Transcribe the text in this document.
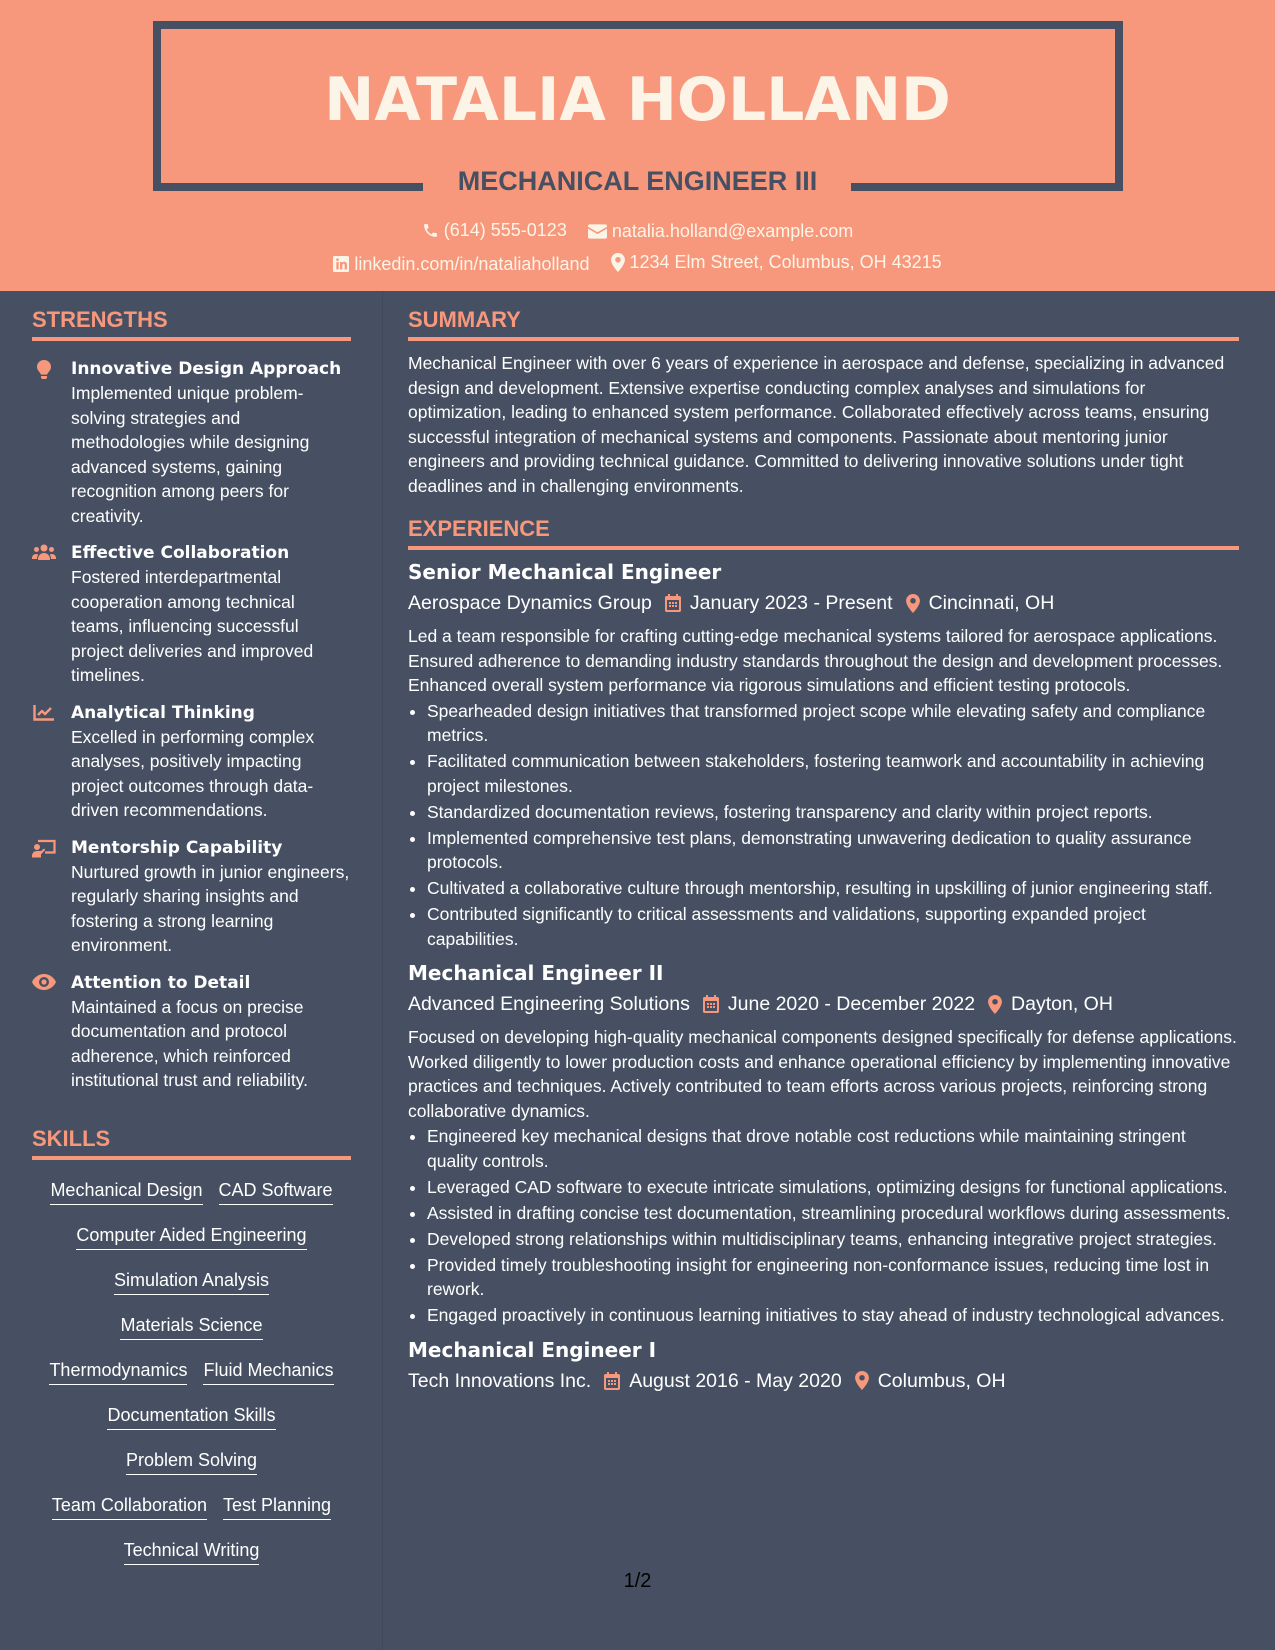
NATALIA HOLLAND
MECHANICAL ENGINEER III
(614) 555-0123
	natalia.holland@example.com
linkedin.com/in/nataliaholland
1234 Elm Street, Columbus, OH 43215
STRENGTHS
Innovative Design Approach
Implemented unique problem-solving strategies and methodologies while designing advanced systems, gaining recognition among peers for creativity.
Effective Collaboration
Fostered interdepartmental cooperation among technical teams, influencing successful project deliveries and improved timelines.
Analytical Thinking
Excelled in performing complex analyses, positively impacting project outcomes through data-driven recommendations.
Mentorship Capability
Nurtured growth in junior engineers, regularly sharing insights and fostering a strong learning environment.
Attention to Detail
Maintained a focus on precise documentation and protocol adherence, which reinforced institutional trust and reliability.
SKILLS
Mechanical Design CAD Software
Computer Aided Engineering
Simulation Analysis
Materials Science
Thermodynamics Fluid Mechanics
Documentation Skills
Problem Solving
Team Collaboration Test Planning
Technical Writing
SUMMARY
Mechanical Engineer with over 6 years of experience in aerospace and defense, specializing in advanced design and development. Extensive expertise conducting complex analyses and simulations for optimization, leading to enhanced system performance. Collaborated effectively across teams, ensuring successful integration of mechanical systems and components. Passionate about mentoring junior engineers and providing technical guidance. Committed to delivering innovative solutions under tight deadlines and in challenging environments.
EXPERIENCE
Senior Mechanical Engineer
Aerospace Dynamics Group January 2023 - Present Cincinnati, OH
Led a team responsible for crafting cutting-edge mechanical systems tailored for aerospace applications. Ensured adherence to demanding industry standards throughout the design and development processes. Enhanced overall system performance via rigorous simulations and efficient testing protocols.
• Spearheaded design initiatives that transformed project scope while elevating safety and compliance metrics.
• Facilitated communication between stakeholders, fostering teamwork and accountability in achieving project milestones.
• Standardized documentation reviews, fostering transparency and clarity within project reports.
• Implemented comprehensive test plans, demonstrating unwavering dedication to quality assurance protocols.
• Cultivated a collaborative culture through mentorship, resulting in upskilling of junior engineering staff.
• Contributed significantly to critical assessments and validations, supporting expanded project capabilities.
Mechanical Engineer II
Advanced Engineering Solutions June 2020 - December 2022 Dayton, OH
Focused on developing high-quality mechanical components designed specifically for defense applications. Worked diligently to lower production costs and enhance operational efficiency by implementing innovative practices and techniques. Actively contributed to team efforts across various projects, reinforcing strong collaborative dynamics.
• Engineered key mechanical designs that drove notable cost reductions while maintaining stringent quality controls.
• Leveraged CAD software to execute intricate simulations, optimizing designs for functional applications.
• Assisted in drafting concise test documentation, streamlining procedural workflows during assessments.
• Developed strong relationships within multidisciplinary teams, enhancing integrative project strategies.
• Provided timely troubleshooting insight for engineering non-conformance issues, reducing time lost in rework.
• Engaged proactively in continuous learning initiatives to stay ahead of industry technological advances.
Mechanical Engineer I
Tech Innovations Inc. August 2016 - May 2020 Columbus, OH
1/2
